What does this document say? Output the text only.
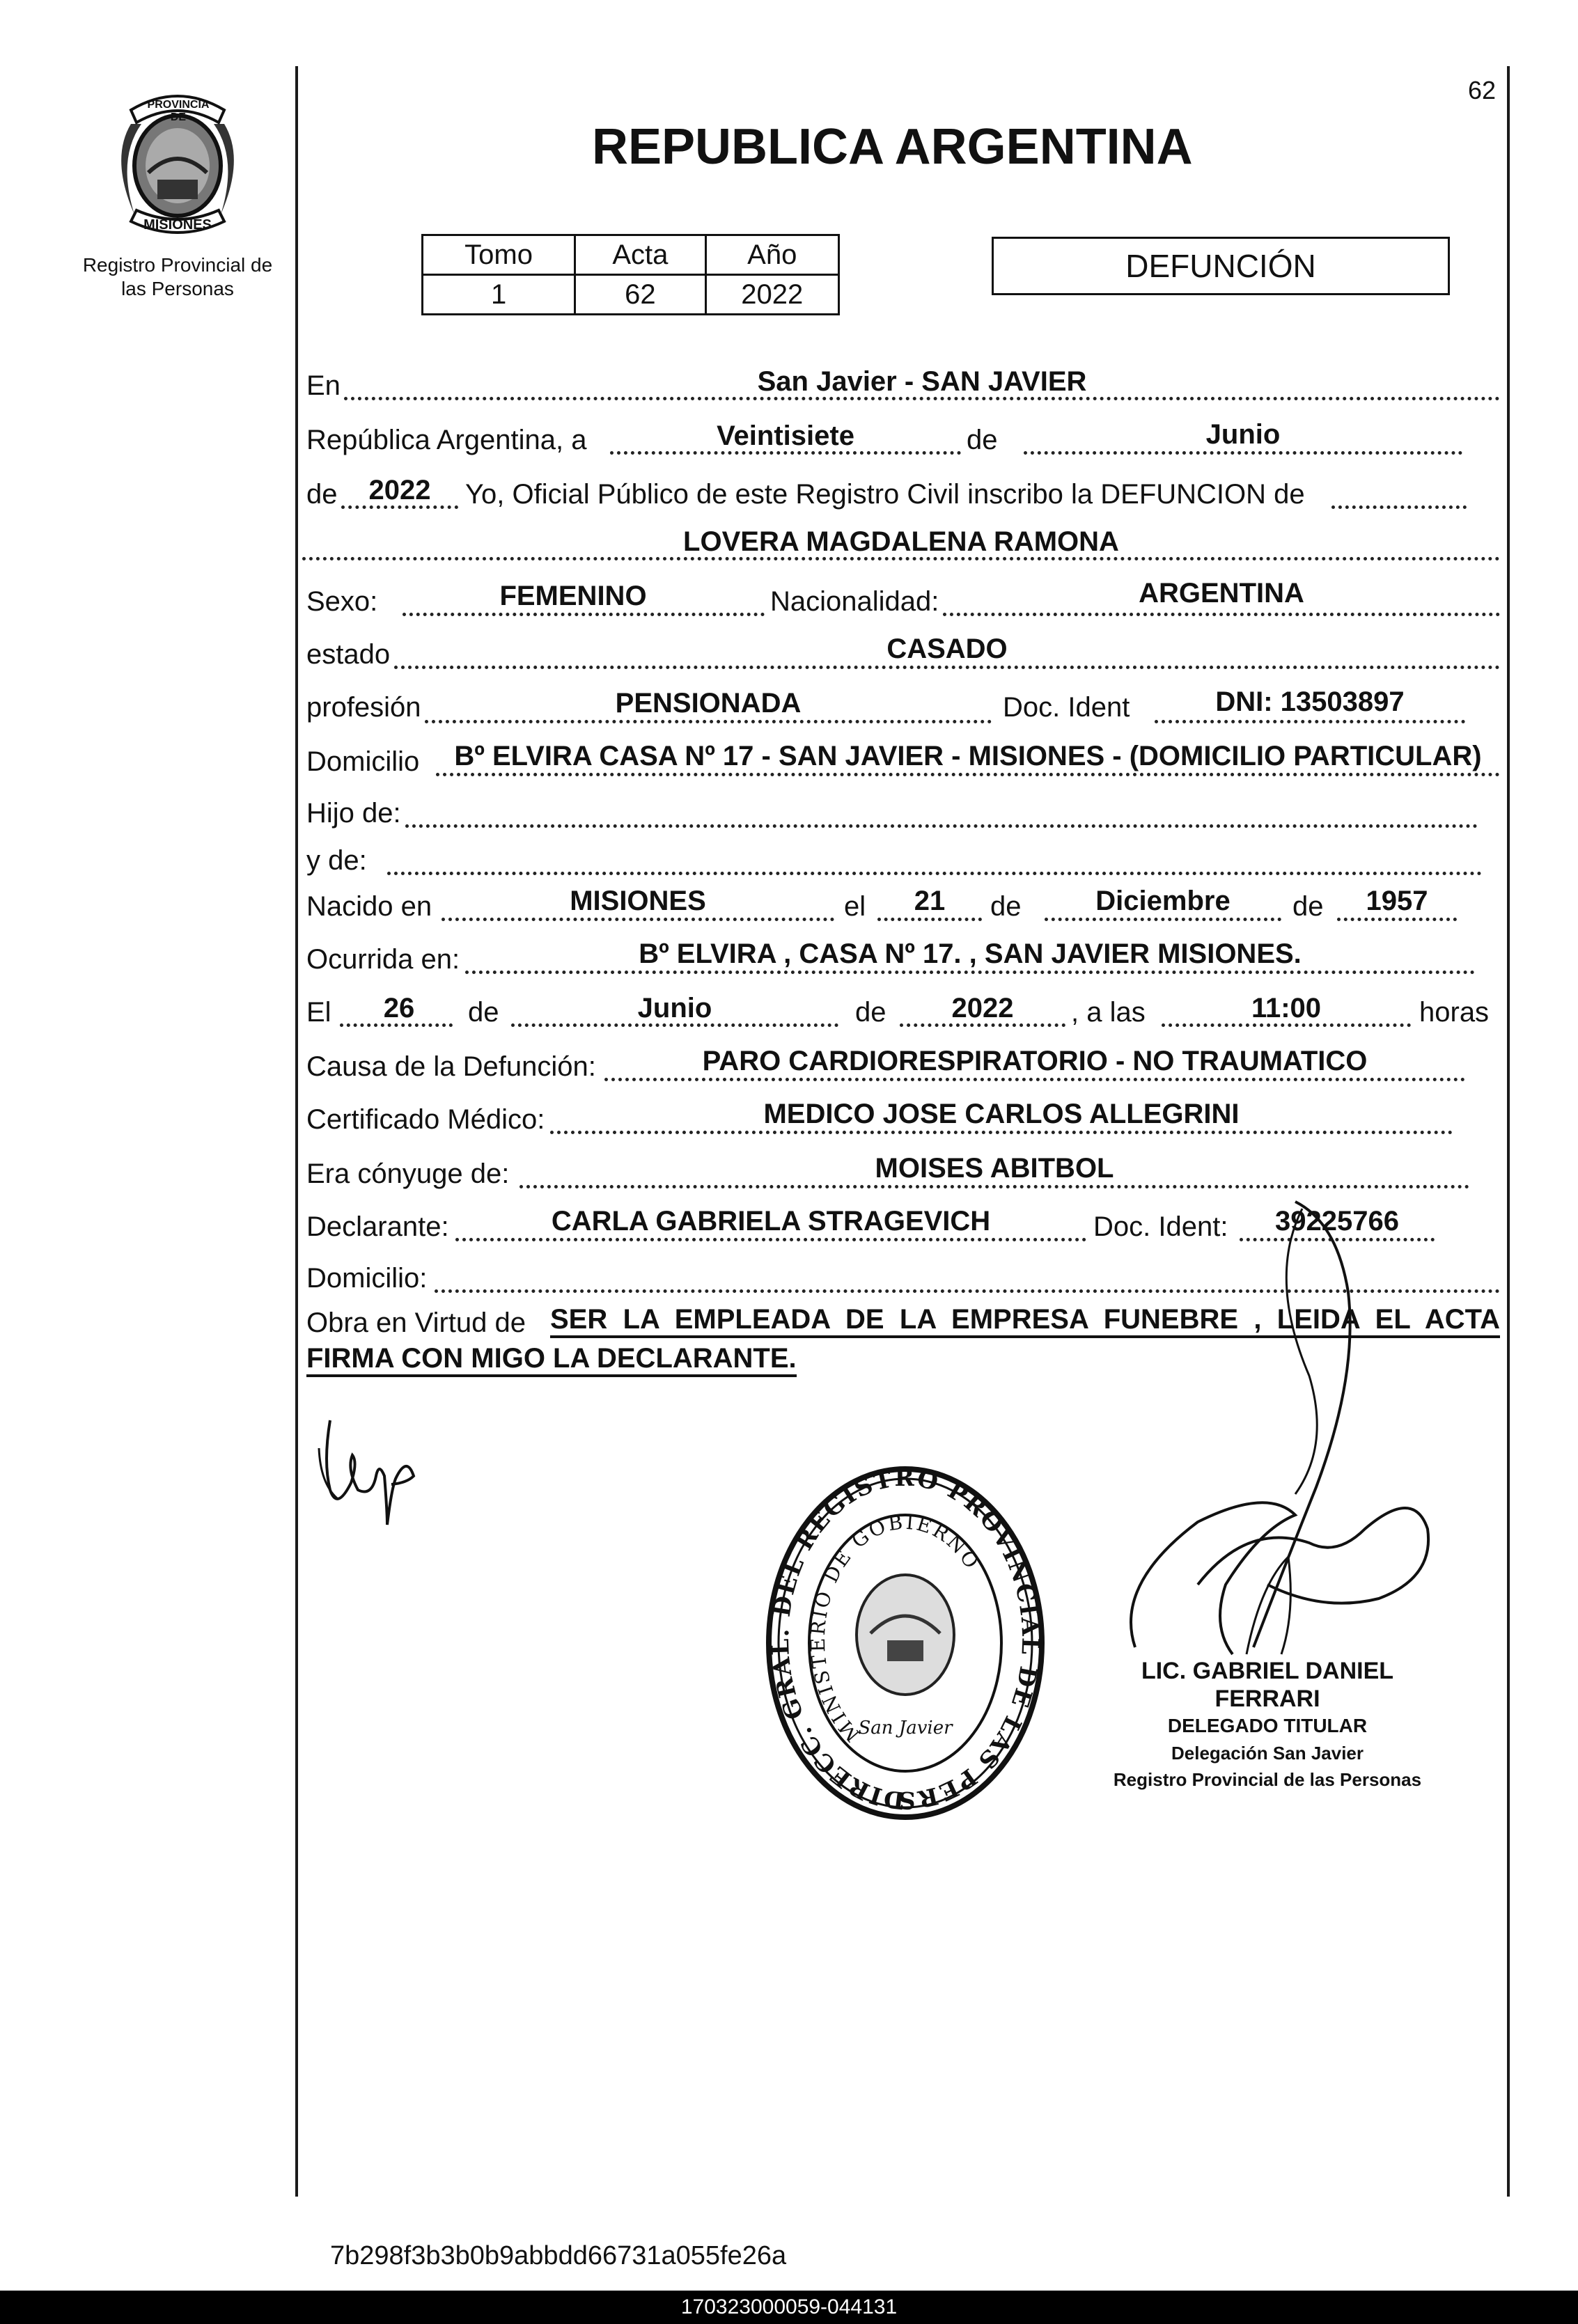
62
PROVINCIA DE
MISIONES
Registro Provincial de
las Personas
REPUBLICA ARGENTINA
Tomo	Acta	Año
1	62	2022
DEFUNCIÓN
En	San Javier - SAN JAVIER
República Argentina, a	Veintisiete	de	Junio
de	2022	Yo, Oficial Público de este Registro Civil inscribo la DEFUNCION de
LOVERA MAGDALENA RAMONA
Sexo:	FEMENINO	Nacionalidad:	ARGENTINA
estado	CASADO
profesión	PENSIONADA	Doc. Ident	DNI: 13503897
Domicilio	Bº ELVIRA CASA Nº 17 - SAN JAVIER - MISIONES - (DOMICILIO PARTICULAR)
Hijo de:
y de:
Nacido en	MISIONES	el	21	de	Diciembre	de	1957
Ocurrida en:	Bº ELVIRA , CASA Nº 17. , SAN JAVIER MISIONES.
El	26	de	Junio	de	2022	, a las	11:00	horas
Causa de la Defunción:	PARO CARDIORESPIRATORIO - NO TRAUMATICO
Certificado Médico:	MEDICO JOSE CARLOS ALLEGRINI
Era cónyuge de:	MOISES ABITBOL
Declarante:	CARLA GABRIELA STRAGEVICH	Doc. Ident:	39225766
Domicilio:
Obra en Virtud de SER LA EMPLEADA DE LA EMPRESA FUNEBRE , LEIDA EL ACTA
FIRMA CON MIGO LA DECLARANTE.
DIRECC. GRAL. DEL REGISTRO PROVINCIAL DE LAS PERS
MINISTERIO DE GOBIERNO
San Javier
LIC. GABRIEL DANIEL FERRARI
DELEGADO TITULAR
Delegación San Javier
Registro Provincial de las Personas
7b298f3b3b0b9abbdd66731a055fe26a
170323000059-044131
